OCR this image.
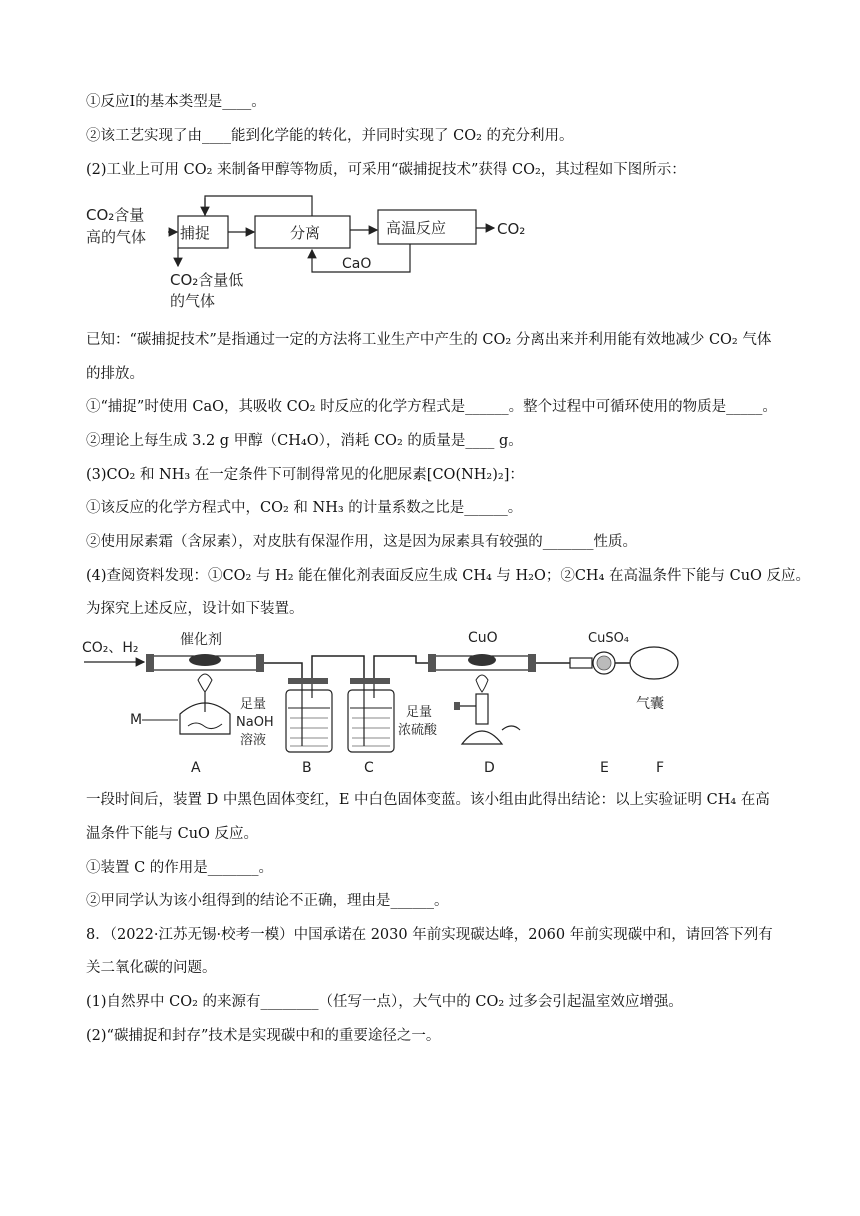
①反应Ⅰ的基本类型是____。
②该工艺实现了由____能到化学能的转化，并同时实现了 CO₂ 的充分利用。
(2)工业上可用 CO₂ 来制备甲醇等物质，可采用“碳捕捉技术”获得 CO₂，其过程如下图所示：
CO₂含量
高的气体 捕捉	分离	高温反应	CO₂
CaO
CO₂含量低
的气体
已知：“碳捕捉技术”是指通过一定的方法将工业生产中产生的 CO₂ 分离出来并利用能有效地减少 CO₂ 气体
的排放。
①“捕捉”时使用 CaO，其吸收 CO₂ 时反应的化学方程式是______。整个过程中可循环使用的物质是_____。
②理论上每生成 3.2 g 甲醇（CH₄O），消耗 CO₂ 的质量是____ g。
(3)CO₂ 和 NH₃ 在一定条件下可制得常见的化肥尿素[CO(NH₂)₂]：
①该反应的化学方程式中，CO₂ 和 NH₃ 的计量系数之比是______。
②使用尿素霜（含尿素），对皮肤有保湿作用，这是因为尿素具有较强的_______性质。
(4)查阅资料发现：①CO₂ 与 H₂ 能在催化剂表面反应生成 CH₄ 与 H₂O；②CH₄ 在高温条件下能与 CuO 反应。
为探究上述反应，设计如下装置。
CO₂、H₂	催化剂
M
A
足量
NaOH
溶液
B
足量
浓硫酸
C
CuO
D
CuSO₄
E
气囊
F
一段时间后，装置 D 中黑色固体变红，E 中白色固体变蓝。该小组由此得出结论：以上实验证明 CH₄ 在高
温条件下能与 CuO 反应。
①装置 C 的作用是_______。
②甲同学认为该小组得到的结论不正确，理由是______。
8．（2022·江苏无锡·校考一模）中国承诺在 2030 年前实现碳达峰，2060 年前实现碳中和，请回答下列有
关二氧化碳的问题。
(1)自然界中 CO₂ 的来源有________（任写一点），大气中的 CO₂ 过多会引起温室效应增强。
(2)“碳捕捉和封存”技术是实现碳中和的重要途径之一。
